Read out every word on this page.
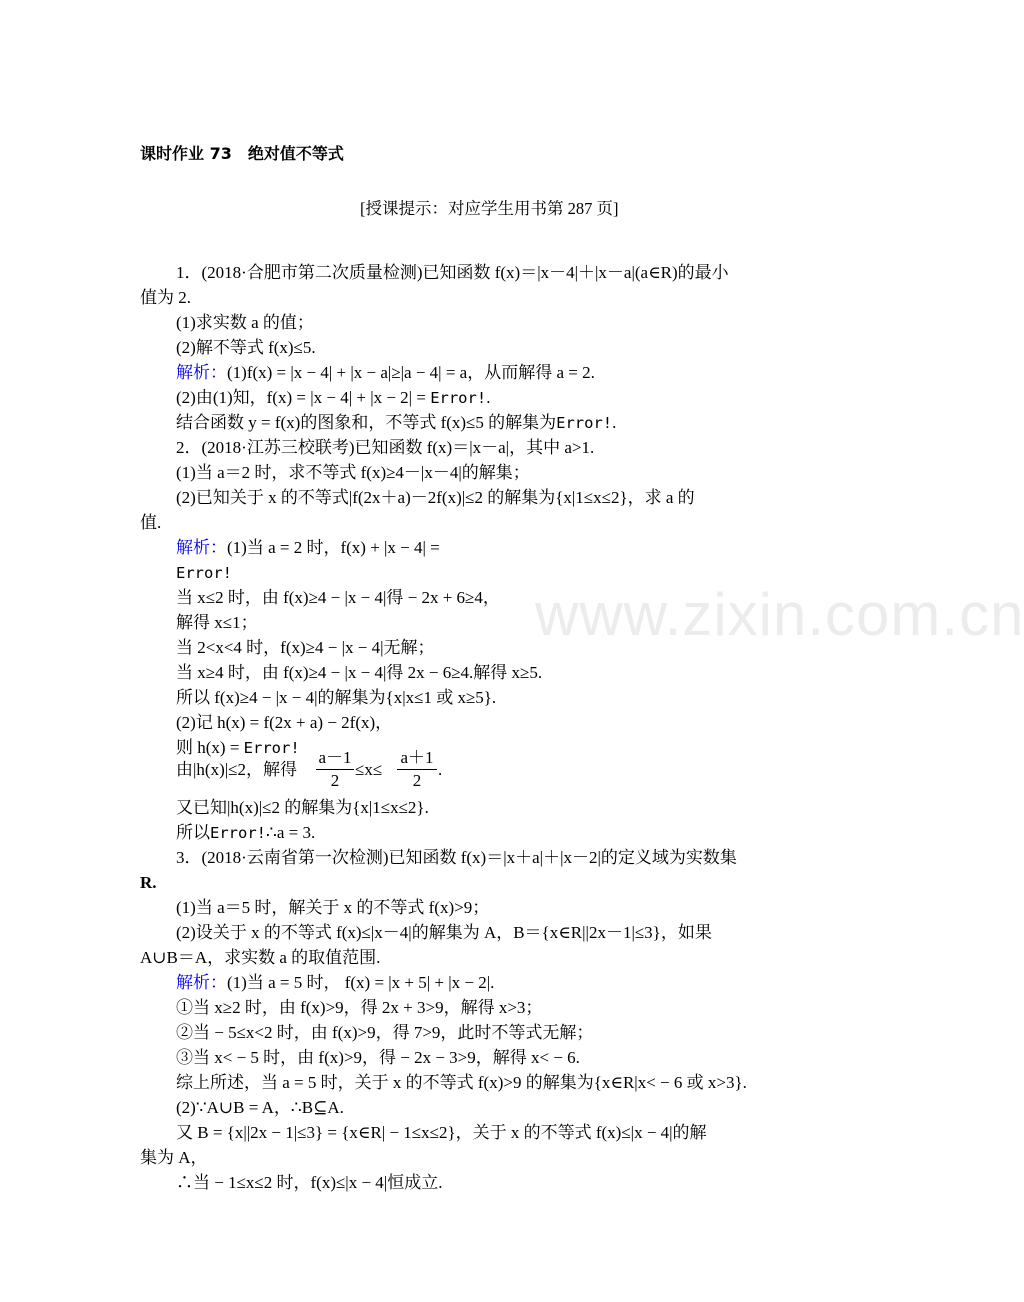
www.zixin.com.cn
课时作业 73　绝对值不等式
[授课提示：对应学生用书第 287 页]
1．(2018·合肥市第二次质量检测)已知函数 f(x)＝|x－4|＋|x－a|(a∈R)的最小
值为 2.
(1)求实数 a 的值；
(2)解不等式 f(x)≤5.
解析：(1)f(x) = |x − 4| + |x − a|≥|a − 4| = a，从而解得 a = 2.
(2)由(1)知，f(x) = |x − 4| + |x − 2| = Error!.
结合函数 y = f(x)的图象和，不等式 f(x)≤5 的解集为Error!.
2．(2018·江苏三校联考)已知函数 f(x)＝|x－a|，其中 a>1.
(1)当 a＝2 时，求不等式 f(x)≥4－|x－4|的解集；
(2)已知关于 x 的不等式|f(2x＋a)－2f(x)|≤2 的解集为{x|1≤x≤2}，求 a 的
值.
解析：(1)当 a = 2 时，f(x) + |x − 4| =
Error!
当 x≤2 时，由 f(x)≥4 − |x − 4|得 − 2x + 6≥4，
解得 x≤1；
当 2<x<4 时，f(x)≥4 − |x − 4|无解；
当 x≥4 时，由 f(x)≥4 − |x − 4|得 2x − 6≥4.解得 x≥5.
所以 f(x)≥4 − |x − 4|的解集为{x|x≤1 或 x≥5}.
(2)记 h(x) = f(2x + a) − 2f(x)，
则 h(x) = Error!
由|h(x)|≤2，解得 $\frac{a-1}{2} \le x\le \frac{a+1}{2}$ .
又已知|h(x)|≤2 的解集为{x|1≤x≤2}.
所以Error!∴a = 3.
3．(2018·云南省第一次检测)已知函数 f(x)＝|x＋a|＋|x－2|的定义域为实数集
R.
(1)当 a＝5 时，解关于 x 的不等式 f(x)>9；
(2)设关于 x 的不等式 f(x)≤|x－4|的解集为 A，B＝{x∈R||2x－1|≤3}，如果
A∪B＝A，求实数 a 的取值范围.
解析：(1)当 a = 5 时， f(x) = |x + 5| + |x − 2|.
①当 x≥2 时，由 f(x)>9，得 2x + 3>9，解得 x>3；
②当 − 5≤x<2 时，由 f(x)>9，得 7>9，此时不等式无解；
③当 x< − 5 时，由 f(x)>9，得 − 2x − 3>9，解得 x< − 6.
综上所述，当 a = 5 时，关于 x 的不等式 f(x)>9 的解集为{x∈R|x< − 6 或 x>3}.
(2)∵A∪B = A，∴B⊆A.
又 B = {x||2x − 1|≤3} = {x∈R| − 1≤x≤2}，关于 x 的不等式 f(x)≤|x − 4|的解
集为 A，
∴当 − 1≤x≤2 时，f(x)≤|x − 4|恒成立.
